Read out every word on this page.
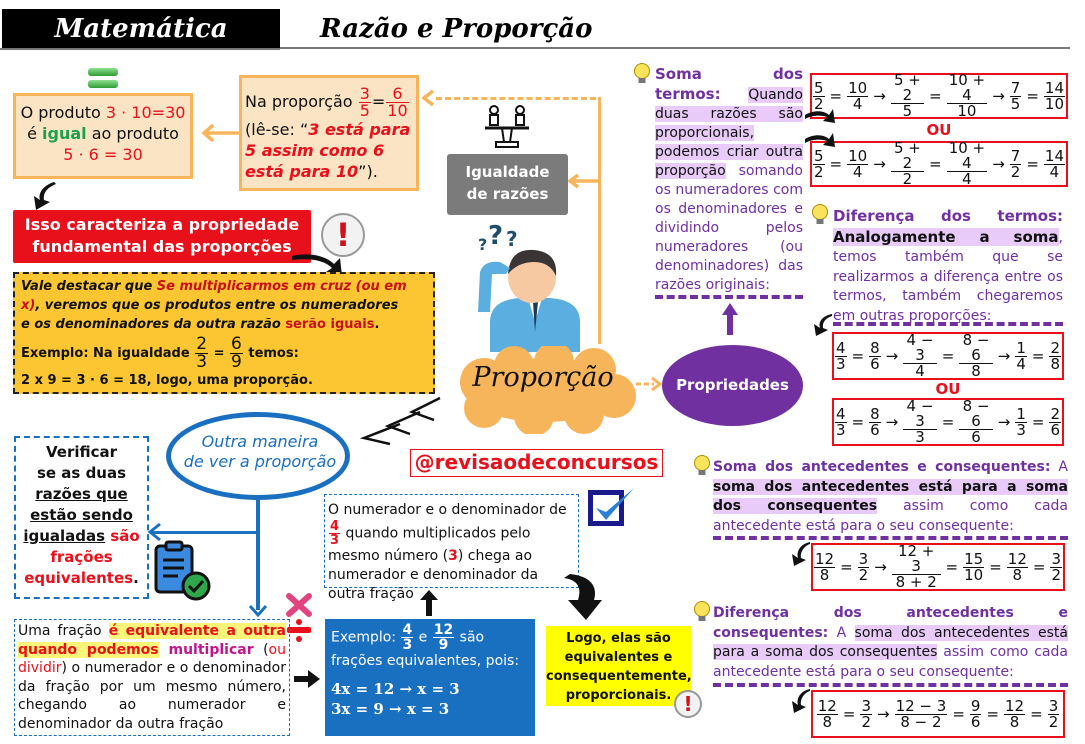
Matemática	Razão e Proporção
O produto 3 · 10=30
é igual ao produto
5 · 6 = 30
Na proporção $\frac{3}{5} = \frac{6}{10}$
(lê-se: “3 está para 5 assim como 6 está para 10”).	Igualdade
de razões
Isso caracteriza a propriedade
fundamental das proporções	!
Vale destacar que Se multiplicarmos em cruz (ou em x), veremos que os produtos entre os numeradores
e os denominadores da outra razão serão iguais.
Exemplo: Na igualdade $\frac{2}{3} = \frac{6}{9}$ temos:
2 x 9 = 3 · 6 = 18, logo, uma proporção.
? ? ?
Proporção	Propriedades
Soma dos termos: Quando duas razões são proporcionais, podemos criar outra proporção somando os numeradores com os denominadores e dividindo pelos numeradores (ou denominadores) das razões originais:
$\frac{5}{2} = \frac{10}{4} \to \frac{5 + 2}{5} = \frac{10 + 4}{10} \to \frac{7}{5} = \frac{14}{10}$
OU
$\frac{5}{2} = \frac{10}{4} \to \frac{5 + 2}{2} = \frac{10 + 4}{4} \to \frac{7}{2} = \frac{14}{4}$
Diferença dos termos: Analogamente a soma, temos também que se realizarmos a diferença entre os termos, também chegaremos em outras proporções:
$\frac{4}{3} = \frac{8}{6} \to \frac{4 - 3}{4} = \frac{8 - 6}{8} \to \frac{1}{4} = \frac{2}{8}$
OU
$\frac{4}{3} = \frac{8}{6} \to \frac{4 - 3}{3} = \frac{8 - 6}{6} \to \frac{1}{3} = \frac{2}{6}$
Soma dos antecedentes e consequentes: A soma dos antecedentes está para a soma dos consequentes assim como cada antecedente está para o seu consequente:
$\frac{12}{8} = \frac{3}{2} \to \frac{12 + 3}{8 + 2} = \frac{15}{10} = \frac{12}{8} = \frac{3}{2}$
Diferença dos antecedentes e consequentes: A soma dos antecedentes está para a soma dos consequentes assim como cada antecedente está para o seu consequente:
$\frac{12}{8} = \frac{3}{2} \to \frac{12 - 3}{8 - 2} = \frac{9}{6} = \frac{12}{8} = \frac{3}{2}$
Outra maneira
de ver a proporção
Verificar
se as duas
razões que
estão sendo
igualadas são
frações
equivalentes.
@revisaodeconcursos
O numerador e o denominador de
$\frac{4}{3}$ quando multiplicados pelo mesmo número (3) chega ao numerador e denominador da outra fração
Uma fração é equivalente a outra quando podemos multiplicar (ou dividir) o numerador e o denominador da fração por um mesmo número, chegando ao numerador e denominador da outra fração
Exemplo: $\frac{4}{3}$ e $\frac{12}{9}$ são frações equivalentes, pois:
4x = 12 → x = 3
3x = 9 → x = 3
Logo, elas são
equivalentes e
consequentemente,
proporcionais. !
